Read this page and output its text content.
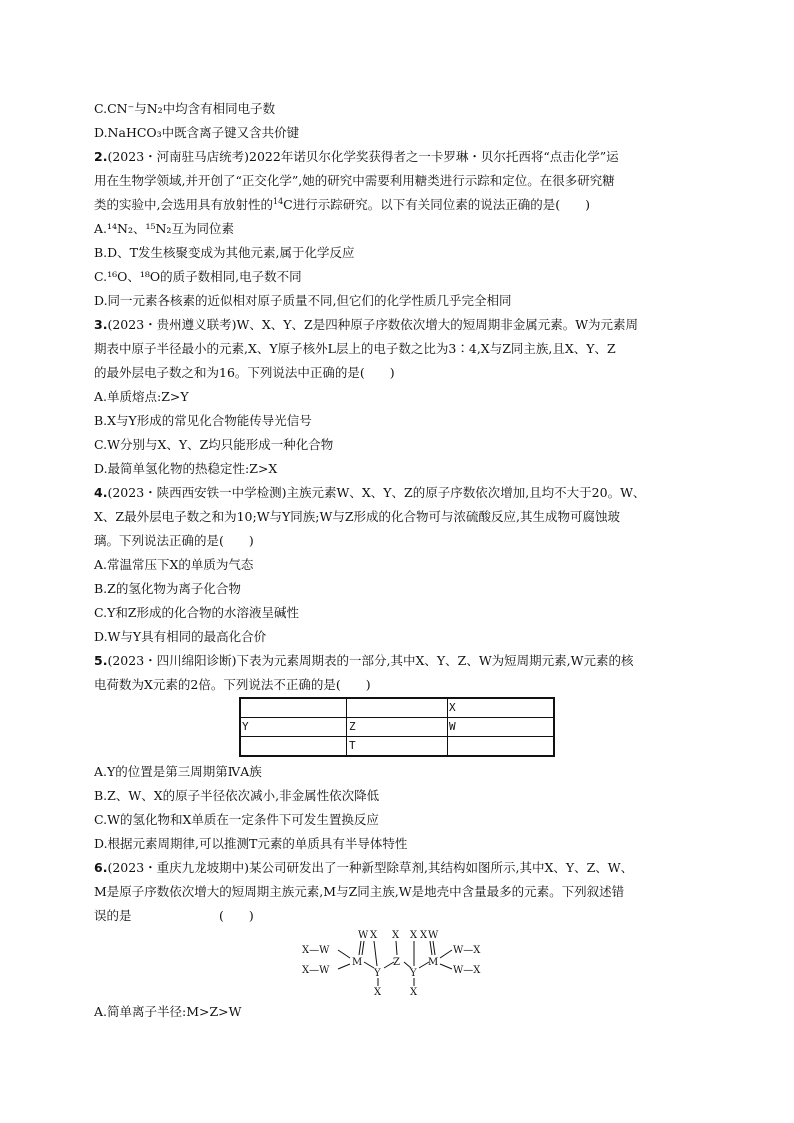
C.CN⁻与N₂中均含有相同电子数
D.NaHCO₃中既含离子键又含共价键
2.(2023・河南驻马店统考)2022年诺贝尔化学奖获得者之一卡罗琳・贝尔托西将“点击化学”运
用在生物学领域,并开创了“正交化学”,她的研究中需要利用糖类进行示踪和定位。在很多研究糖
类的实验中,会选用具有放射性的$^{14}$C进行示踪研究。以下有关同位素的说法正确的是(　　)
A.¹⁴N₂、¹⁵N₂互为同位素
B.D、T发生核聚变成为其他元素,属于化学反应
C.¹⁶O、¹⁸O的质子数相同,电子数不同
D.同一元素各核素的近似相对原子质量不同,但它们的化学性质几乎完全相同
3.(2023・贵州遵义联考)W、X、Y、Z是四种原子序数依次增大的短周期非金属元素。W为元素周
期表中原子半径最小的元素,X、Y原子核外L层上的电子数之比为3∶4,X与Z同主族,且X、Y、Z
的最外层电子数之和为16。下列说法中正确的是(　　)
A.单质熔点:Z>Y
B.X与Y形成的常见化合物能传导光信号
C.W分别与X、Y、Z均只能形成一种化合物
D.最简单氢化物的热稳定性:Z>X
4.(2023・陕西西安铁一中学检测)主族元素W、X、Y、Z的原子序数依次增加,且均不大于20。W、
X、Z最外层电子数之和为10;W与Y同族;W与Z形成的化合物可与浓硫酸反应,其生成物可腐蚀玻
璃。下列说法正确的是(　　)
A.常温常压下X的单质为气态
B.Z的氢化物为离子化合物
C.Y和Z形成的化合物的水溶液呈碱性
D.W与Y具有相同的最高化合价
5.(2023・四川绵阳诊断)下表为元素周期表的一部分,其中X、Y、Z、W为短周期元素,W元素的核
电荷数为X元素的2倍。下列说法不正确的是(　　)
X
Y	Z	W
T
A.Y的位置是第三周期第ⅣA族
B.Z、W、X的原子半径依次减小,非金属性依次降低
C.W的氢化物和X单质在一定条件下可发生置换反应
D.根据元素周期律,可以推测T元素的单质具有半导体特性
6.(2023・重庆九龙坡期中)某公司研发出了一种新型除草剂,其结构如图所示,其中X、Y、Z、W、
M是原子序数依次增大的短周期主族元素,M与Z同主族,W是地壳中含量最多的元素。下列叙述错
误的是　　　　　　　(　　)
X—W
X—W
M
W
Y
X
X
Z
X
Y
X
X
M
X W
W—X
W—X
A.简单离子半径:M>Z>W
